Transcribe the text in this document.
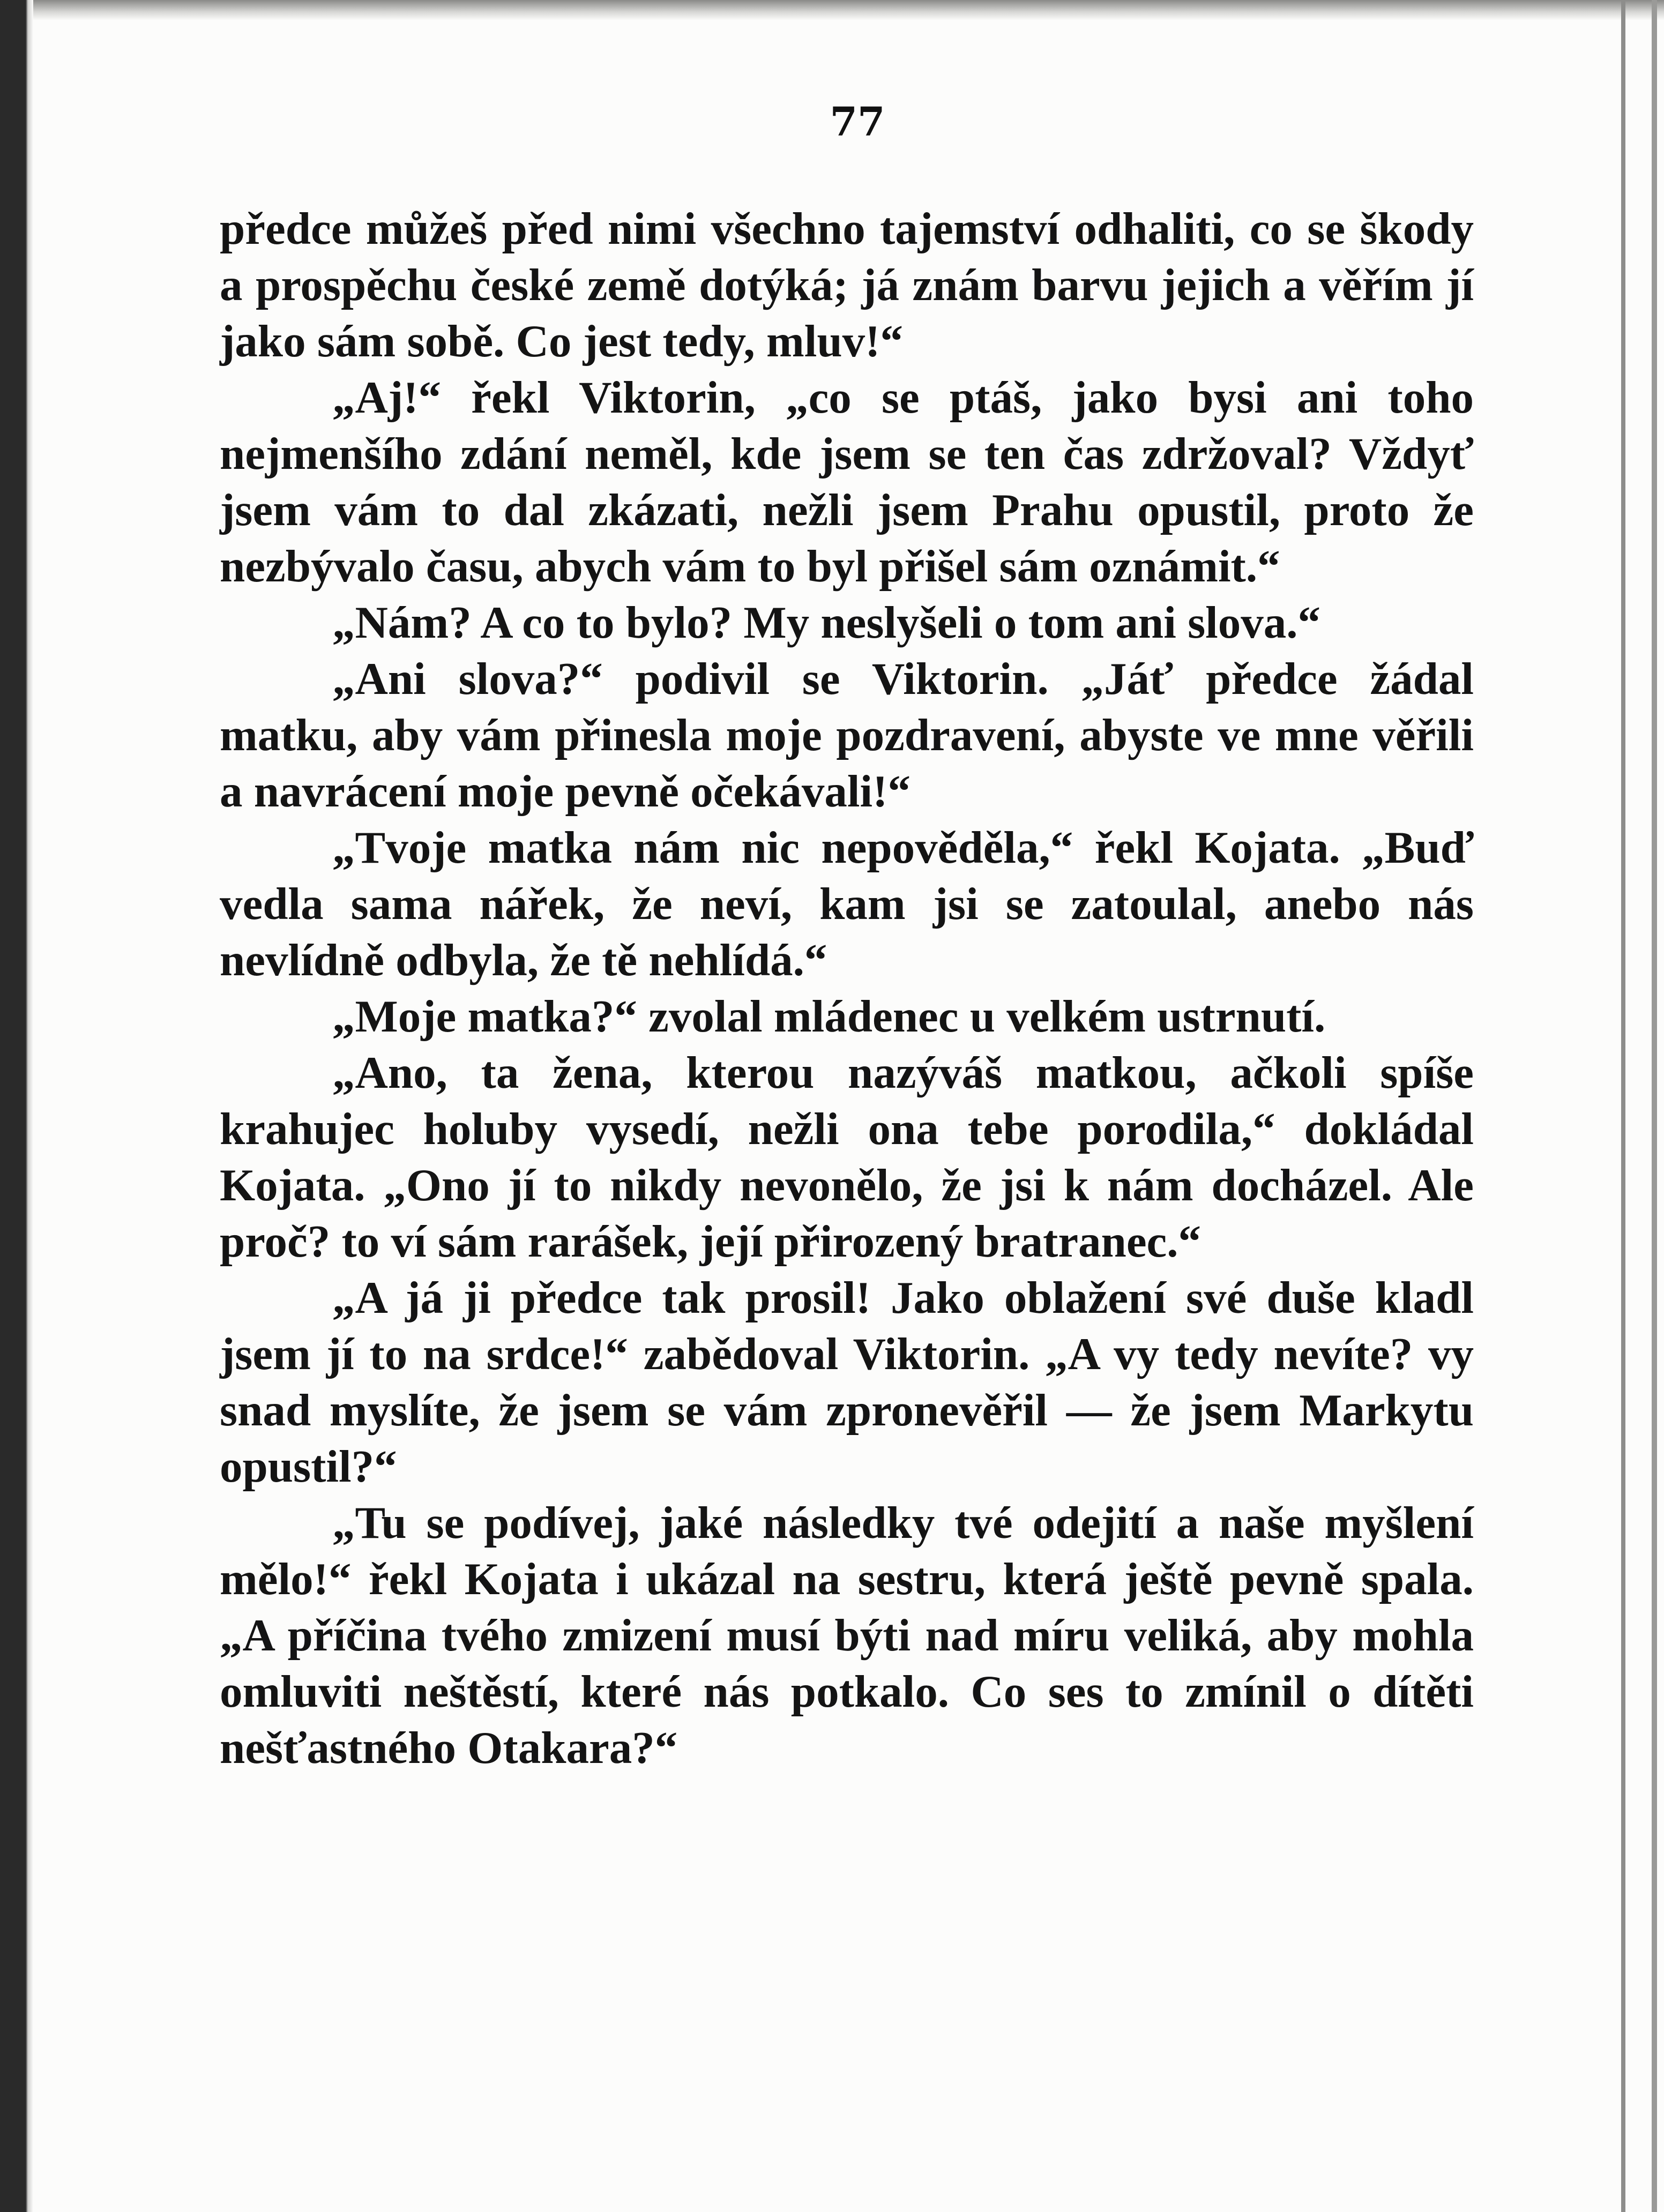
77

předce můžeš před nimi všechno tajemství odhaliti, co se škody a prospěchu české země dotýká; já znám barvu jejich a věřím jí jako sám sobě. Co jest tedy, mluv!“

„Aj!“ řekl Viktorin, „co se ptáš, jako bysi ani toho nejmenšího zdání neměl, kde jsem se ten čas zdržoval? Vždyť jsem vám to dal zkázati, nežli jsem Prahu opustil, proto že nezbývalo času, abych vám to byl přišel sám oznámit.“

„Nám? A co to bylo? My neslyšeli o tom ani slova.“

„Ani slova?“ podivil se Viktorin. „Jáť předce žádal matku, aby vám přinesla moje pozdravení, abyste ve mne věřili a navrácení moje pevně očekávali!“

„Tvoje matka nám nic nepověděla,“ řekl Kojata. „Buď vedla sama nářek, že neví, kam jsi se zatoulal, anebo nás nevlídně odbyla, že tě nehlídá.“

„Moje matka?“ zvolal mládenec u velkém ustrnutí.

„Ano, ta žena, kterou nazýváš matkou, ačkoli spíše krahujec holuby vysedí, nežli ona tebe porodila,“ dokládal Kojata. „Ono jí to nikdy nevonělo, že jsi k nám docházel. Ale proč? to ví sám rarášek, její přirozený bratranec.“

„A já ji předce tak prosil! Jako oblažení své duše kladl jsem jí to na srdce!“ zabědoval Viktorin. „A vy tedy nevíte? vy snad myslíte, že jsem se vám zpronevěřil — že jsem Markytu opustil?“

„Tu se podívej, jaké následky tvé odejití a naše myšlení mělo!“ řekl Kojata i ukázal na sestru, která ještě pevně spala. „A příčina tvého zmizení musí býti nad míru veliká, aby mohla omluviti neštěstí, které nás potkalo. Co ses to zmínil o dítěti nešťastného Otakara?“
